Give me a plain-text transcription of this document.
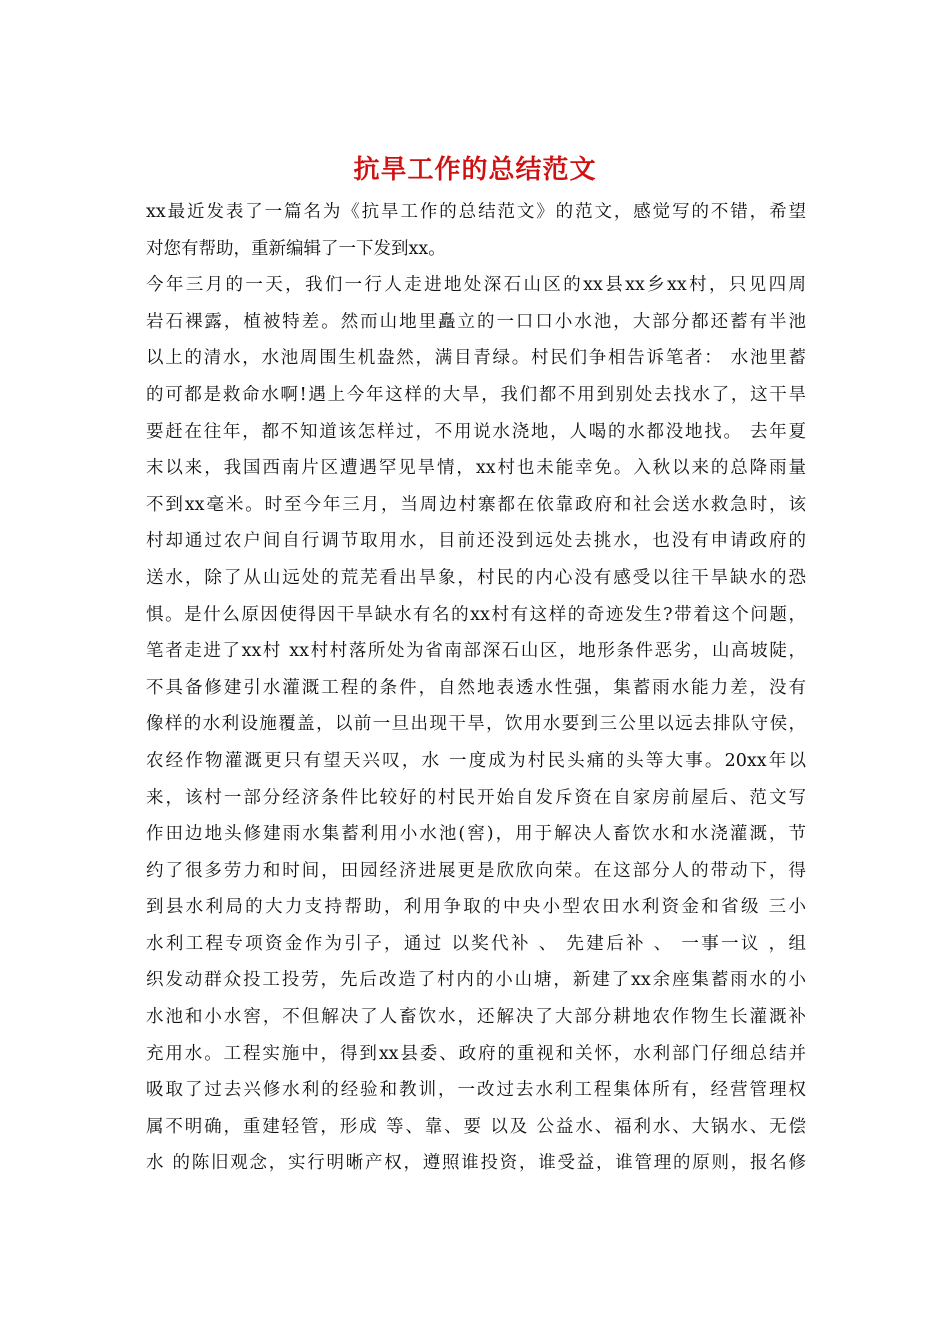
抗旱工作的总结范文
xx最近发表了一篇名为《抗旱工作的总结范文》的范文，感觉写的不错，希望
对您有帮助，重新编辑了一下发到xx。
今年三月的一天，我们一行人走进地处深石山区的xx县xx乡xx村，只见四周
岩石裸露，植被特差。然而山地里矗立的一口口小水池，大部分都还蓄有半池
以上的清水，水池周围生机盎然，满目青绿。村民们争相告诉笔者： 水池里蓄
的可都是救命水啊!遇上今年这样的大旱，我们都不用到别处去找水了，这干旱
要赶在往年，都不知道该怎样过，不用说水浇地，人喝的水都没地找。 去年夏
末以来，我国西南片区遭遇罕见旱情，xx村也未能幸免。入秋以来的总降雨量
不到xx毫米。时至今年三月，当周边村寨都在依靠政府和社会送水救急时，该
村却通过农户间自行调节取用水，目前还没到远处去挑水，也没有申请政府的
送水，除了从山远处的荒芜看出旱象，村民的内心没有感受以往干旱缺水的恐
惧。是什么原因使得因干旱缺水有名的xx村有这样的奇迹发生?带着这个问题，
笔者走进了xx村 xx村村落所处为省南部深石山区，地形条件恶劣，山高坡陡，
不具备修建引水灌溉工程的条件，自然地表透水性强，集蓄雨水能力差，没有
像样的水利设施覆盖，以前一旦出现干旱，饮用水要到三公里以远去排队守侯，
农经作物灌溉更只有望天兴叹，水 一度成为村民头痛的头等大事。20xx年以
来，该村一部分经济条件比较好的村民开始自发斥资在自家房前屋后、范文写
作田边地头修建雨水集蓄利用小水池(窖)，用于解决人畜饮水和水浇灌溉，节
约了很多劳力和时间，田园经济进展更是欣欣向荣。在这部分人的带动下，得
到县水利局的大力支持帮助，利用争取的中央小型农田水利资金和省级 三小
水利工程专项资金作为引子，通过 以奖代补 、 先建后补 、 一事一议 ，组
织发动群众投工投劳，先后改造了村内的小山塘，新建了xx余座集蓄雨水的小
水池和小水窖，不但解决了人畜饮水，还解决了大部分耕地农作物生长灌溉补
充用水。工程实施中，得到xx县委、政府的重视和关怀，水利部门仔细总结并
吸取了过去兴修水利的经验和教训，一改过去水利工程集体所有，经营管理权
属不明确，重建轻管，形成 等、靠、要 以及 公益水、福利水、大锅水、无偿
水 的陈旧观念，实行明晰产权，遵照谁投资，谁受益，谁管理的原则，报名修
